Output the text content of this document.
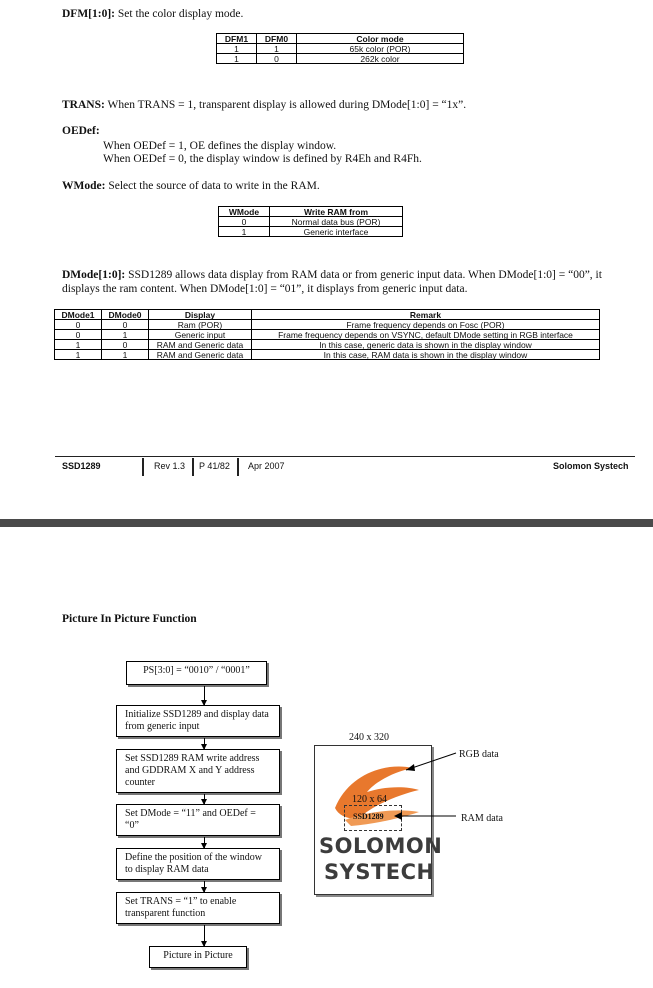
DFM[1:0]: Set the color display mode.

DFM1	DFM0	Color mode
1	1	65k color (POR)
1	0	262k color

TRANS: When TRANS = 1, transparent display is allowed during DMode[1:0] = “1x”.

OEDef:

When OEDef = 1, OE defines the display window.

When OEDef = 0, the display window is defined by R4Eh and R4Fh.

WMode: Select the source of data to write in the RAM.

WMode	Write RAM from
0	Normal data bus (POR)
1	Generic interface

DMode[1:0]: SSD1289 allows data display from RAM data or from generic input data. When DMode[1:0] = “00”, it

displays the ram content. When DMode[1:0] = “01”, it displays from generic input data.

DMode1	DMode0	Display	Remark
0	0	Ram (POR)	Frame frequency depends on Fosc (POR)
0	1	Generic input	Frame frequency depends on VSYNC, default DMode setting in RGB interface
1	0	RAM and Generic data	In this case, generic data is shown in the display window
1	1	RAM and Generic data	In this case, RAM data is shown in the display window
SSD1289	Rev 1.3 P 41/82 Apr 2007	Solomon Systech

Picture In Picture Function

PS[3:0] = “0010” / “0001”
Initialize SSD1289 and display data from generic input
Set SSD1289 RAM write address and GDDRAM X and Y address counter
Set DMode = “11” and OEDef = “0”
Define the position of the window to display RAM data
Set TRANS = “1” to enable transparent function
Picture in Picture
240 x 320
120 x 64
SSD1289
SOLOMON
SYSTECH
RGB data
RAM data
